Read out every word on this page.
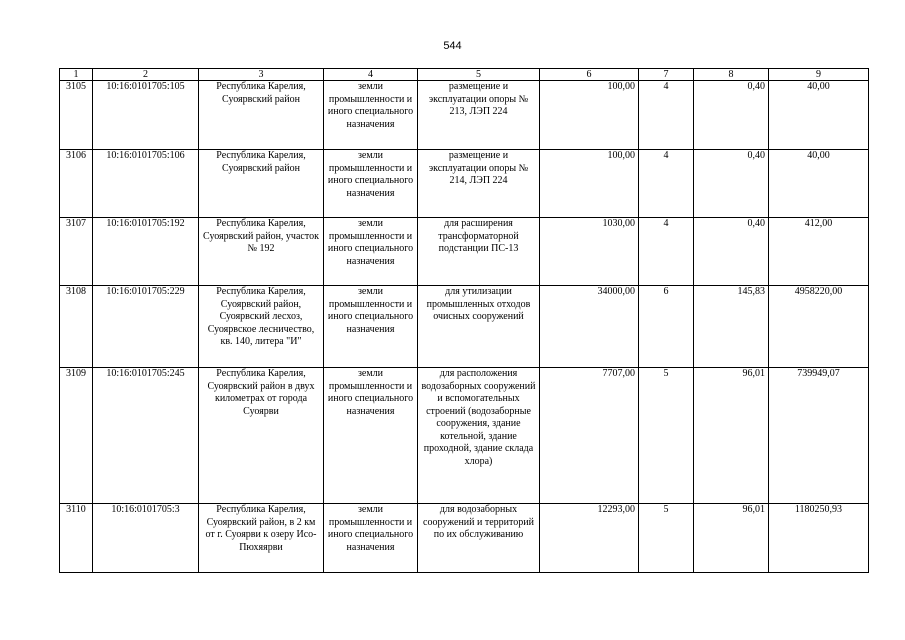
544
1	2	3	4	5	6	7	8	9
3105	10:16:0101705:105	Республика Карелия, Суоярвский район	земли промышленности и иного специального назначения	размещение и эксплуатации опоры № 213, ЛЭП 224	100,00	4	0,40	40,00
3106	10:16:0101705:106	Республика Карелия, Суоярвский район	земли промышленности и иного специального назначения	размещение и эксплуатации опоры № 214, ЛЭП 224	100,00	4	0,40	40,00
3107	10:16:0101705:192	Республика Карелия, Суоярвский район, участок № 192	земли промышленности и иного специального назначения	для расширения трансформаторной подстанции ПС-13	1030,00	4	0,40	412,00
3108	10:16:0101705:229	Республика Карелия, Суоярвский район, Суоярвский лесхоз, Суоярвское лесничество, кв. 140, литера "И"	земли промышленности и иного специального назначения	для утилизации промышленных отходов очисных сооружений	34000,00	6	145,83	4958220,00
3109	10:16:0101705:245	Республика Карелия, Суоярвский район в двух километрах от города Суоярви	земли промышленности и иного специального назначения	для расположения водозаборных сооружений и вспомогательных строений (водозаборные сооружения, здание котельной, здание проходной, здание склада хлора)	7707,00	5	96,01	739949,07
3110	10:16:0101705:3	Республика Карелия, Суоярвский район, в 2 км от г. Суоярви к озеру Исо-Пюхяярви	земли промышленности и иного специального назначения	для водозаборных сооружений и территорий по их обслуживанию	12293,00	5	96,01	1180250,93
